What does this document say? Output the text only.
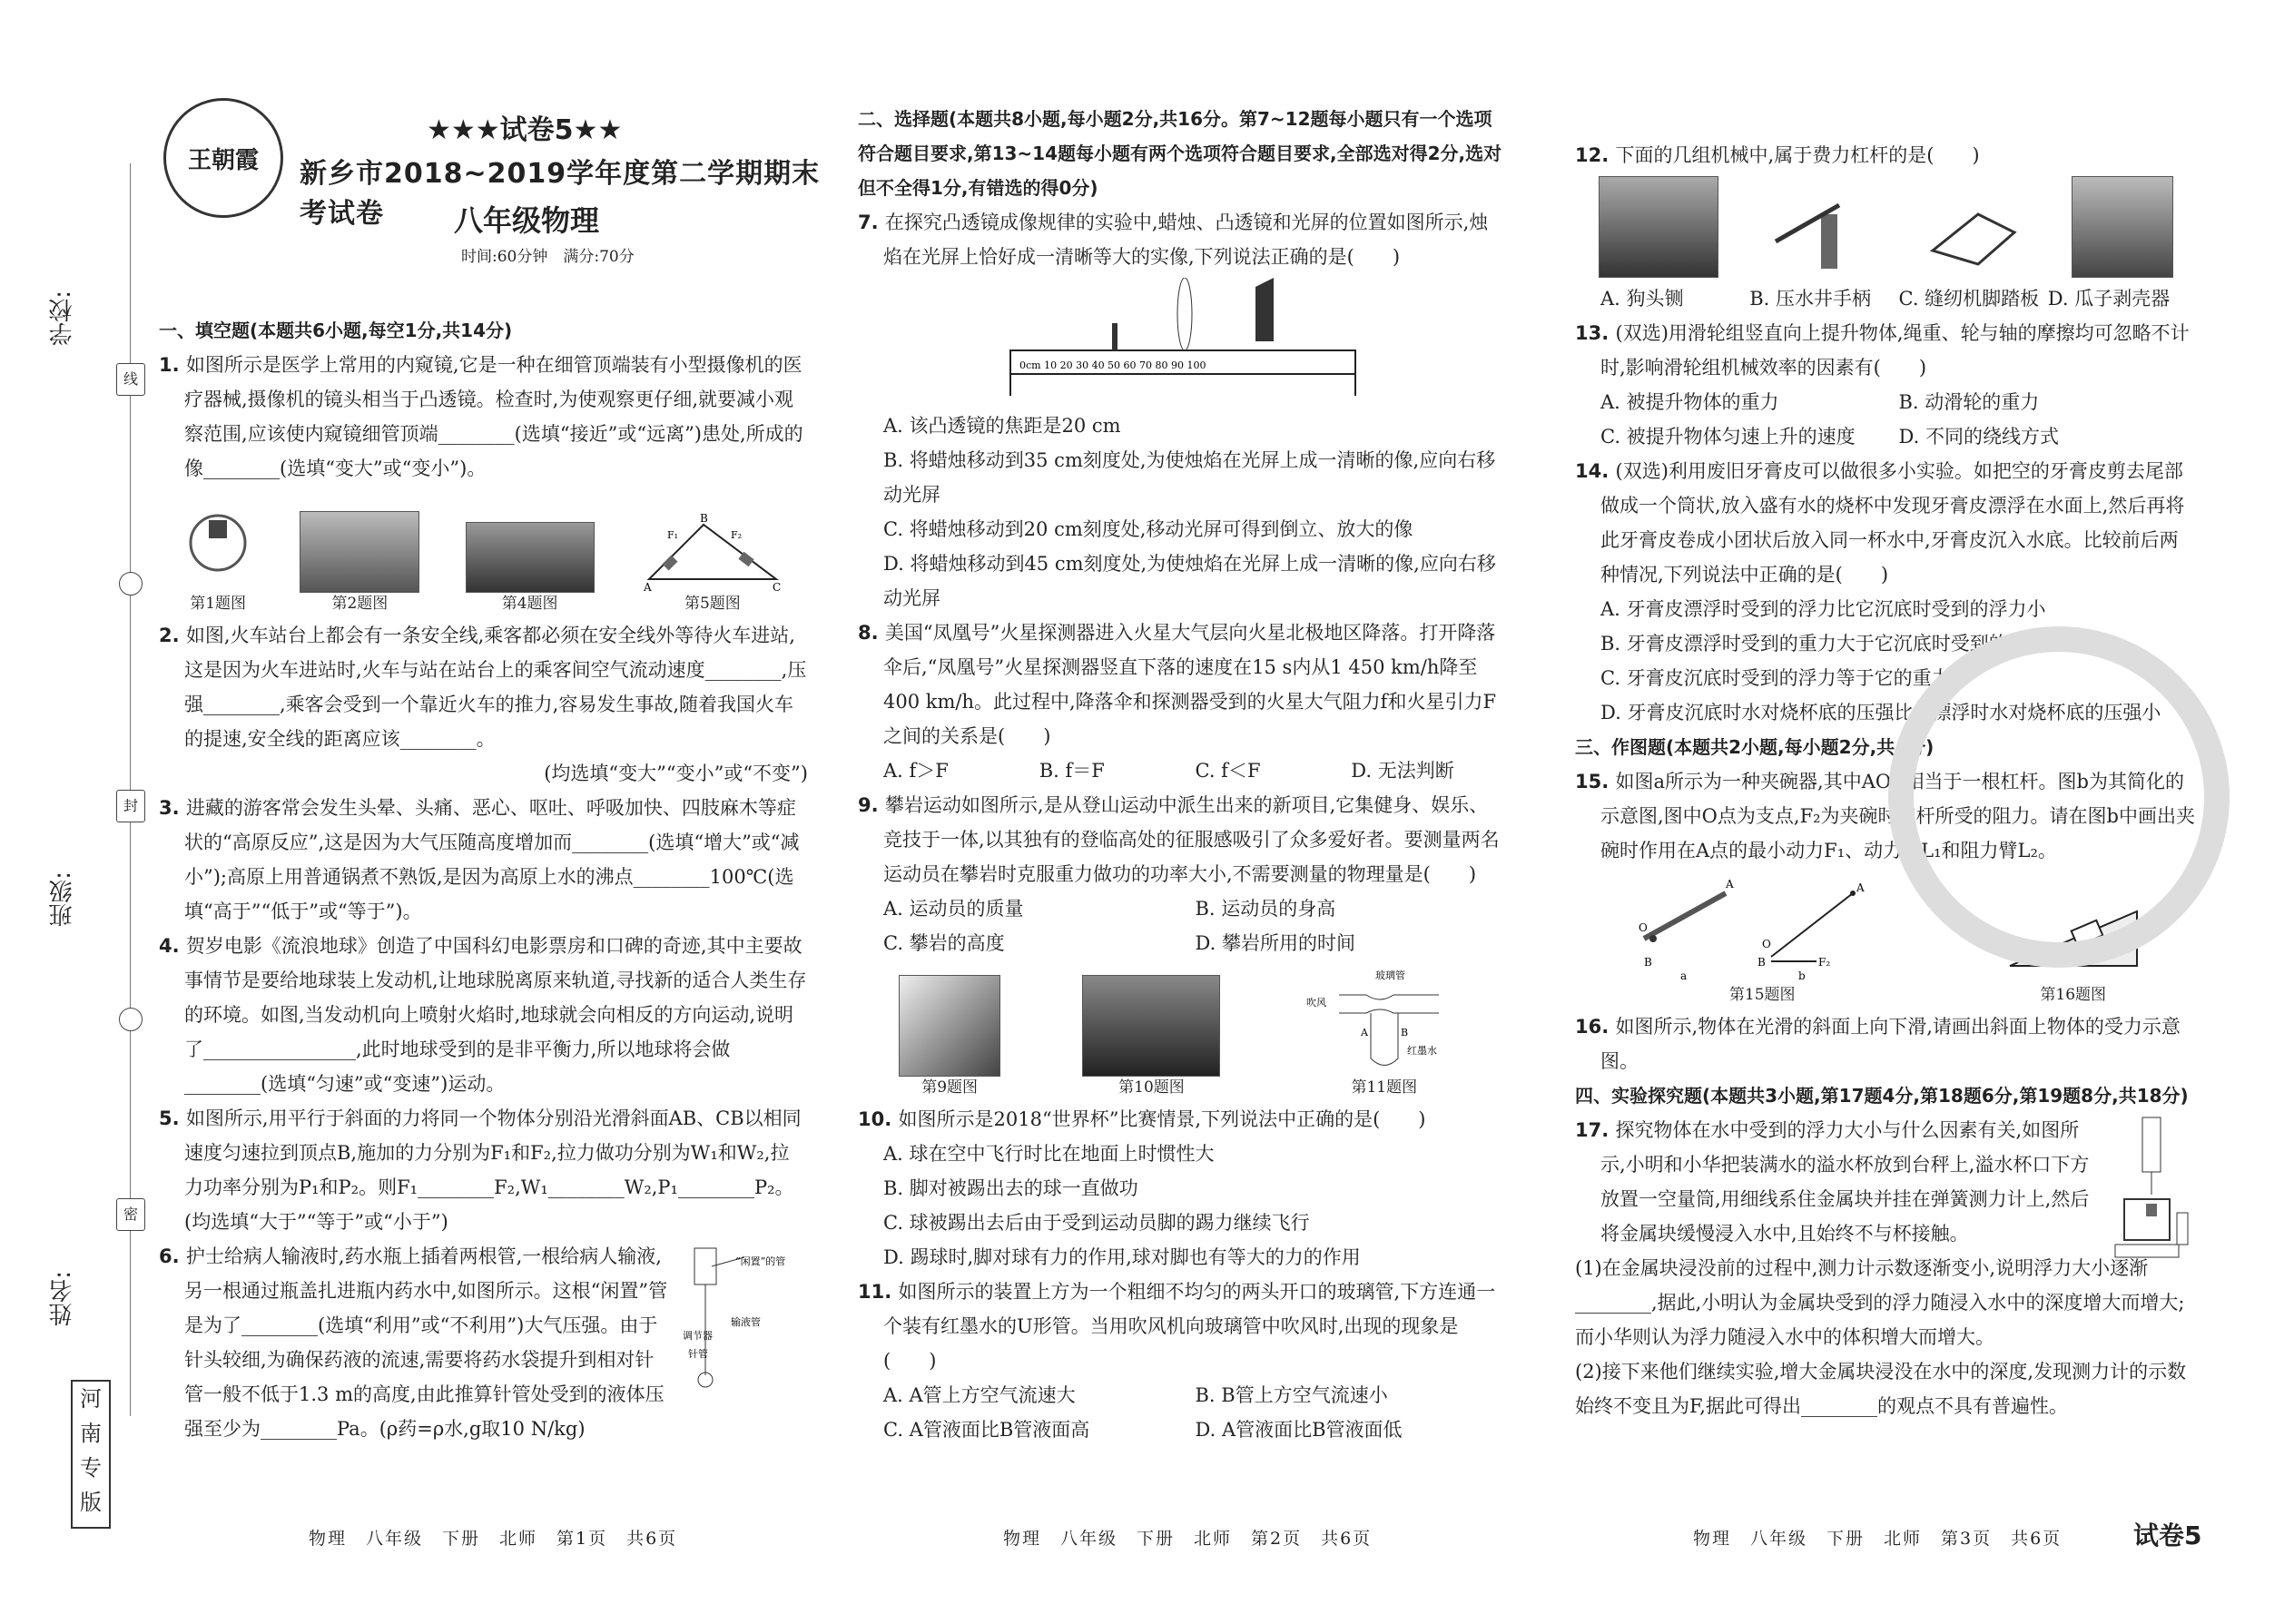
学校:
班级:
姓名:
线
封
密
河南专版
王朝霞
★★★试卷5★★
新乡市2018~2019学年度第二学期期末考试卷	八年级物理
时间:60分钟　满分:70分
一、填空题(本题共6小题,每空1分,共14分)

1. 如图所示是医学上常用的内窥镜,它是一种在细管顶端装有小型摄像机的医疗器械,摄像机的镜头相当于凸透镜。检查时,为使观察更仔细,就要减小观察范围,应该使内窥镜细管顶端________(选填“接近”或“远离”)患处,所成的像________(选填“变大”或“变小”)。

第1题图	第2题图	第4题图
A
B
C
F₁	F₂
第5题图

2. 如图,火车站台上都会有一条安全线,乘客都必须在安全线外等待火车进站,这是因为火车进站时,火车与站在站台上的乘客间空气流动速度________,压强________,乘客会受到一个靠近火车的推力,容易发生事故,随着我国火车的提速,安全线的距离应该________。

(均选填“变大”“变小”或“不变”)

3. 进藏的游客常会发生头晕、头痛、恶心、呕吐、呼吸加快、四肢麻木等症状的“高原反应”,这是因为大气压随高度增加而________(选填“增大”或“减小”);高原上用普通锅煮不熟饭,是因为高原上水的沸点________100℃(选填“高于”“低于”或“等于”)。

4. 贺岁电影《流浪地球》创造了中国科幻电影票房和口碑的奇迹,其中主要故事情节是要给地球装上发动机,让地球脱离原来轨道,寻找新的适合人类生存的环境。如图,当发动机向上喷射火焰时,地球就会向相反的方向运动,说明了________________,此时地球受到的是非平衡力,所以地球将会做________(选填“匀速”或“变速”)运动。

5. 如图所示,用平行于斜面的力将同一个物体分别沿光滑斜面AB、CB以相同速度匀速拉到顶点B,施加的力分别为F₁和F₂,拉力做功分别为W₁和W₂,拉力功率分别为P₁和P₂。则F₁________F₂,W₁________W₂,P₁________P₂。(均选填“大于”“等于”或“小于”)

6. 护士给病人输液时,药水瓶上插着两根管,一根给病人输液,另一根通过瓶盖扎进瓶内药水中,如图所示。这根“闲置”管是为了________(选填“利用”或“不利用”)大气压强。由于针头较细,为确保药液的流速,需要将药水袋提升到相对针管一般不低于1.3 m的高度,由此推算针管处受到的液体压强至少为________Pa。(ρ药=ρ水,g取10 N/kg)

“闲置”的管
调节器
输液管
针管
二、选择题(本题共8小题,每小题2分,共16分。第7~12题每小题只有一个选项符合题目要求,第13~14题每小题有两个选项符合题目要求,全部选对得2分,选对但不全得1分,有错选的得0分)

7. 在探究凸透镜成像规律的实验中,蜡烛、凸透镜和光屏的位置如图所示,烛焰在光屏上恰好成一清晰等大的实像,下列说法正确的是(　　)

0cm 10 20 30 40 50 60 70 80 90 100
A. 该凸透镜的焦距是20 cm
B. 将蜡烛移动到35 cm刻度处,为使烛焰在光屏上成一清晰的像,应向右移动光屏
C. 将蜡烛移动到20 cm刻度处,移动光屏可得到倒立、放大的像
D. 将蜡烛移动到45 cm刻度处,为使烛焰在光屏上成一清晰的像,应向右移动光屏

8. 美国“凤凰号”火星探测器进入火星大气层向火星北极地区降落。打开降落伞后,“凤凰号”火星探测器竖直下落的速度在15 s内从1 450 km/h降至400 km/h。此过程中,降落伞和探测器受到的火星大气阻力f和火星引力F之间的关系是(　　)

A. f＞F	B. f＝F	C. f＜F	D. 无法判断

9. 攀岩运动如图所示,是从登山运动中派生出来的新项目,它集健身、娱乐、竞技于一体,以其独有的登临高处的征服感吸引了众多爱好者。要测量两名运动员在攀岩时克服重力做功的功率大小,不需要测量的物理量是(　　)

A. 运动员的质量	B. 运动员的身高
C. 攀岩的高度	D. 攀岩所用的时间
第9题图	第10题图
玻璃管
吹风
A	B
红墨水
第11题图

10. 如图所示是2018“世界杯”比赛情景,下列说法中正确的是(　　)

A. 球在空中飞行时比在地面上时惯性大
B. 脚对被踢出去的球一直做功
C. 球被踢出去后由于受到运动员脚的踢力继续飞行
D. 踢球时,脚对球有力的作用,球对脚也有等大的力的作用

11. 如图所示的装置上方为一个粗细不均匀的两头开口的玻璃管,下方连通一个装有红墨水的U形管。当用吹风机向玻璃管中吹风时,出现的现象是(　　)

A. A管上方空气流速大	B. B管上方空气流速小
C. A管液面比B管液面高	D. A管液面比B管液面低

12. 下面的几组机械中,属于费力杠杆的是(　　)

A. 狗头铡	B. 压水井手柄	C. 缝纫机脚踏板 D. 瓜子剥壳器

13. (双选)用滑轮组竖直向上提升物体,绳重、轮与轴的摩擦均可忽略不计时,影响滑轮组机械效率的因素有(　　)

A. 被提升物体的重力	B. 动滑轮的重力
C. 被提升物体匀速上升的速度	D. 不同的绕线方式

14. (双选)利用废旧牙膏皮可以做很多小实验。如把空的牙膏皮剪去尾部做成一个筒状,放入盛有水的烧杯中发现牙膏皮漂浮在水面上,然后再将此牙膏皮卷成小团状后放入同一杯水中,牙膏皮沉入水底。比较前后两种情况,下列说法中正确的是(　　)

A. 牙膏皮漂浮时受到的浮力比它沉底时受到的浮力小
B. 牙膏皮漂浮时受到的重力大于它沉底时受到的重力
C. 牙膏皮沉底时受到的浮力等于它的重力
D. 牙膏皮沉底时水对烧杯底的压强比它漂浮时水对烧杯底的压强小
三、作图题(本题共2小题,每小题2分,共4分)

15. 如图a所示为一种夹碗器,其中AOB相当于一根杠杆。图b为其简化的示意图,图中O点为支点,F₂为夹碗时杠杆所受的阻力。请在图b中画出夹碗时作用在A点的最小动力F₁、动力臂L₁和阻力臂L₂。

O
A
B
a
O
A
B	F₂
b
第15题图	第16题图

16. 如图所示,物体在光滑的斜面上向下滑,请画出斜面上物体的受力示意图。

四、实验探究题(本题共3小题,第17题4分,第18题6分,第19题8分,共18分)

17. 探究物体在水中受到的浮力大小与什么因素有关,如图所示,小明和小华把装满水的溢水杯放到台秤上,溢水杯口下方放置一空量筒,用细线系住金属块并挂在弹簧测力计上,然后将金属块缓慢浸入水中,且始终不与杯接触。

(1)在金属块浸没前的过程中,测力计示数逐渐变小,说明浮力大小逐渐________,据此,小明认为金属块受到的浮力随浸入水中的深度增大而增大;而小华则认为浮力随浸入水中的体积增大而增大。

(2)接下来他们继续实验,增大金属块浸没在水中的深度,发现测力计的示数始终不变且为F,据此可得出________的观点不具有普遍性。

物理　八年级　下册　北师　第1页　共6页	物理　八年级　下册　北师　第2页　共6页	物理　八年级　下册　北师　第3页　共6页	试卷5
